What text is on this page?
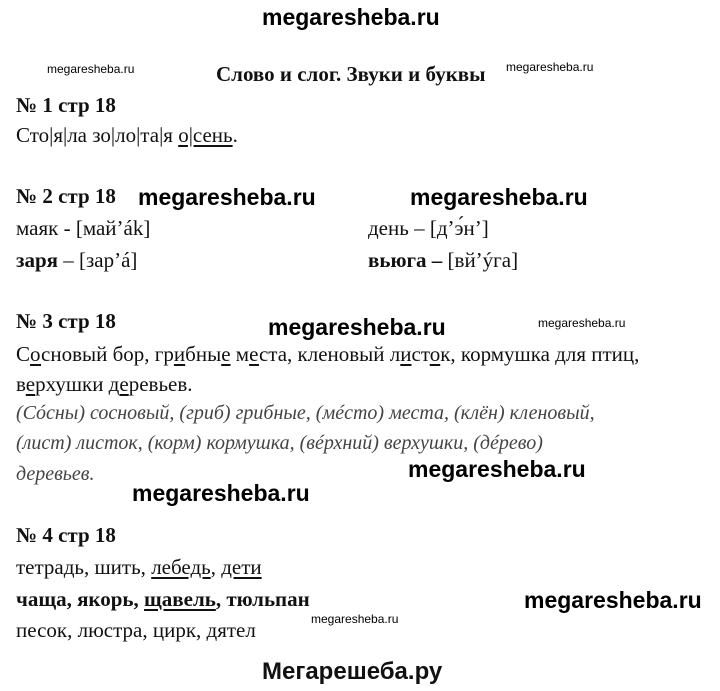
megaresheba.ru
megaresheba.ru	Слово и слог. Звуки и буквы megaresheba.ru
№ 1 стр 18
Сто|я|ла зо|ло|та|я о|сень.
№ 2 стр 18 megaresheba.ru	megaresheba.ru
маяк - [май’ák]	день – [д’э́н’]
заря – [зар’á]	вьюга – [вй’ýга]
№ 3 стр 18	megaresheba.ru	megaresheba.ru
Сосновый бор, грибные места, кленовый листок, кормушка для птиц,
верхушки деревьев.
(Сóсны) сосновый, (гриб) грибные, (мéсто) места, (клён) кленовый,
(лист) листок, (корм) кормушка, (вéрхний) верхушки, (дéрево)
деревьев.	megaresheba.ru
megaresheba.ru
№ 4 стр 18
тетрадь, шить, лебедь, дети
чаща, якорь, щавель, тюльпан	megaresheba.ru
песок, люстра, цирк, дятел	megaresheba.ru
Мегарешеба.ру
